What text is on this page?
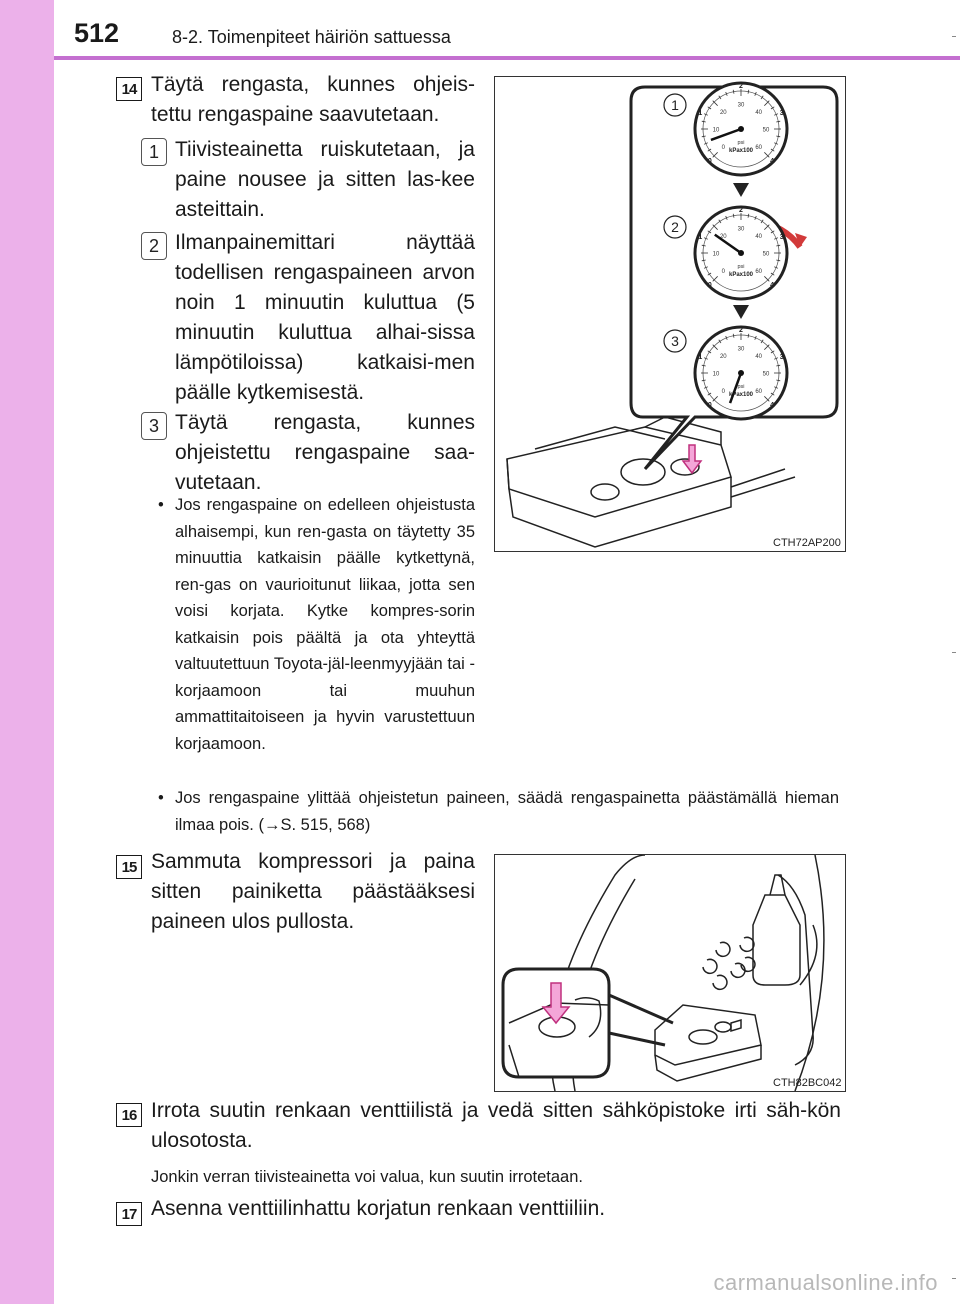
512	8-2. Toimenpiteet häiriön sattuessa
14 Täytä rengasta, kunnes ohjeis-tettu rengaspaine saavutetaan.

1 Tiivisteainetta ruiskutetaan, ja paine nousee ja sitten las-kee asteittain.

2 Ilmanpainemittari näyttää todellisen rengaspaineen arvon noin 1 minuutin kuluttua (5 minuutin kuluttua alhai-sissa lämpötiloissa) katkaisi-men päälle kytkemisestä.

3 Täytä rengasta, kunnes ohjeistettu rengaspaine saa-vutetaan.

• Jos rengaspaine on edelleen ohjeistusta alhaisempi, kun ren-gasta on täytetty 35 minuuttia katkaisin päälle kytkettynä, ren-gas on vaurioitunut liikaa, jotta sen voisi korjata. Kytke kompres-sorin katkaisin pois päältä ja ota yhteyttä valtuutettuun Toyota-jäl-leenmyyjään tai -korjaamoon tai muuhun ammattitaitoiseen ja hyvin varustettuun korjaamoon.
• Jos rengaspaine ylittää ohjeistetun paineen, säädä rengaspainetta päästämällä hieman ilmaa pois. (→S. 515, 568)
0
10
20
30
40
50
60
0
1
2
3
4
psi
kPax100
0
10
20
30
40
50
60
0
1
2
3
4
psi
kPax100
0
10
20
30
40
50
60
0
1
2
3
4
psi
kPax100
1
2
3
CTH72AP200
15 Sammuta kompressori ja paina sitten painiketta päästääksesi paineen ulos pullosta.

CTH82BC042
16 Irrota suutin renkaan venttiilistä ja vedä sitten sähköpistoke irti säh-kön ulosotosta.

Jonkin verran tiivisteainetta voi valua, kun suutin irrotetaan.

17 Asenna venttiilinhattu korjatun renkaan venttiiliin.

carmanualsonline.info
